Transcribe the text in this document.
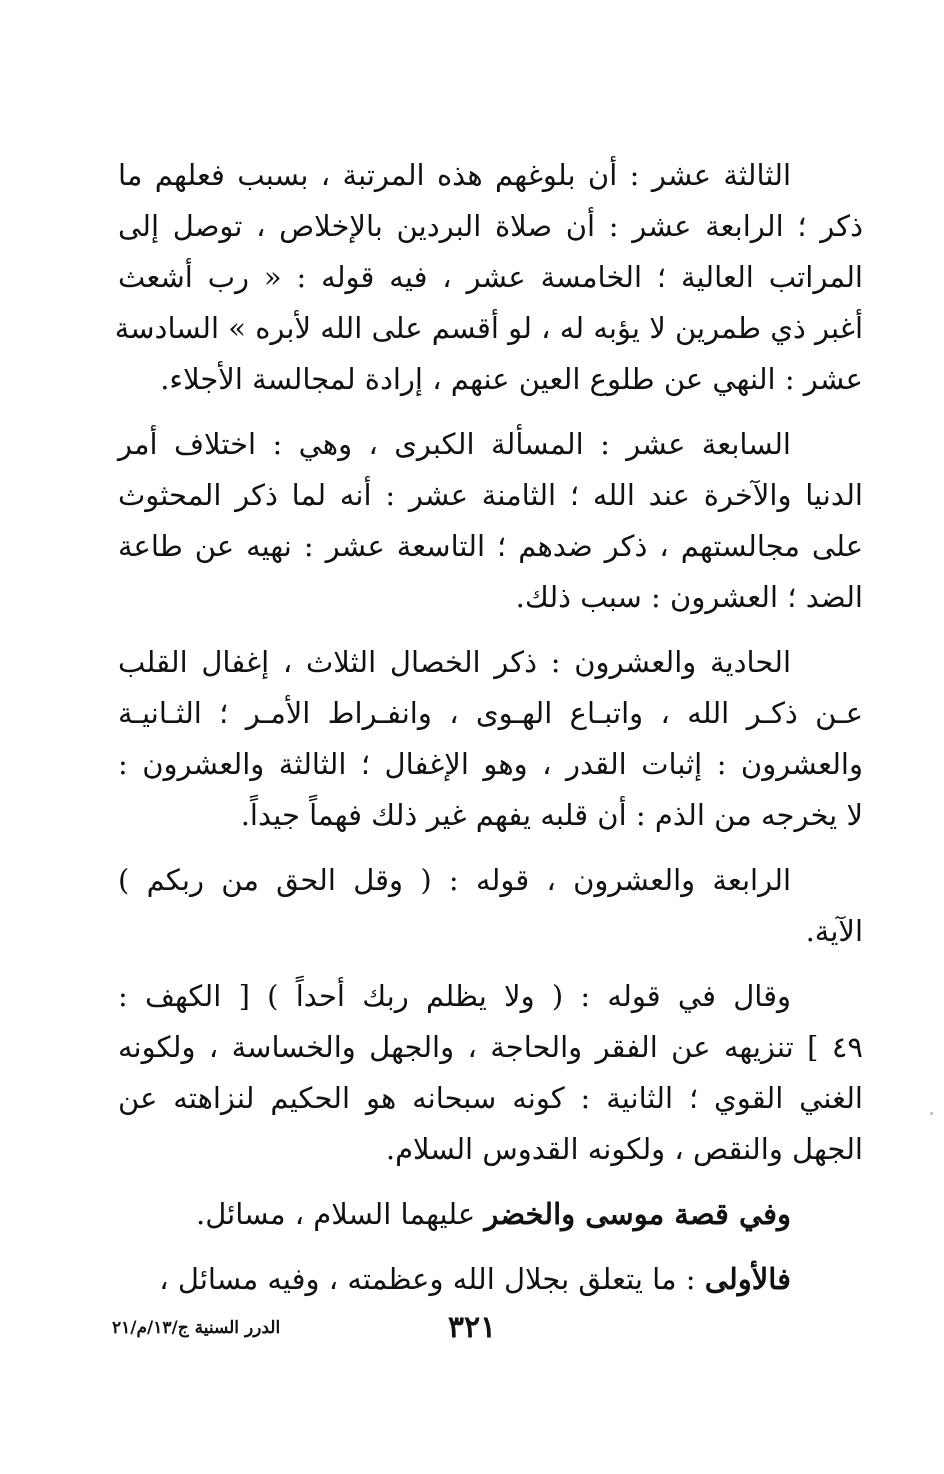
الثالثة عشر : أن بلوغهم هذه المرتبة ، بسبب فعلهم ما
ذكر ؛ الرابعة عشر : أن صلاة البردين بالإخلاص ، توصل إلى
المراتب العالية ؛ الخامسة عشر ، فيه قوله : « رب أشعث
أغبر ذي طمرين لا يؤبه له ، لو أقسم على الله لأبره » السادسة
عشر : النهي عن طلوع العين عنهم ، إرادة لمجالسة الأجلاء.
السابعة عشر : المسألة الكبرى ، وهي : اختلاف أمر
الدنيا والآخرة عند الله ؛ الثامنة عشر : أنه لما ذكر المحثوث
على مجالستهم ، ذكر ضدهم ؛ التاسعة عشر : نهيه عن طاعة
الضد ؛ العشرون : سبب ذلك.
الحادية والعشرون : ذكر الخصال الثلاث ، إغفال القلب
عـن ذكـر الله ، واتبـاع الهـوى ، وانفـراط الأمـر ؛ الثـانيـة
والعشرون : إثبات القدر ، وهو الإغفال ؛ الثالثة والعشرون :
لا يخرجه من الذم : أن قلبه يفهم غير ذلك فهماً جيداً.
الرابعة والعشرون ، قوله : ( وقل الحق من ربكم )
الآية.
وقال في قوله : ( ولا يظلم ربك أحداً ) [ الكهف :
٤٩ ] تنزيهه عن الفقر والحاجة ، والجهل والخساسة ، ولكونه
الغني القوي ؛ الثانية : كونه سبحانه هو الحكيم لنزاهته عن
الجهل والنقص ، ولكونه القدوس السلام.
وفي قصة موسى والخضر عليهما السلام ، مسائل.
فالأولى : ما يتعلق بجلال الله وعظمته ، وفيه مسائل ،
٣٢١
الدرر السنية ج/١٣/م/٢١
